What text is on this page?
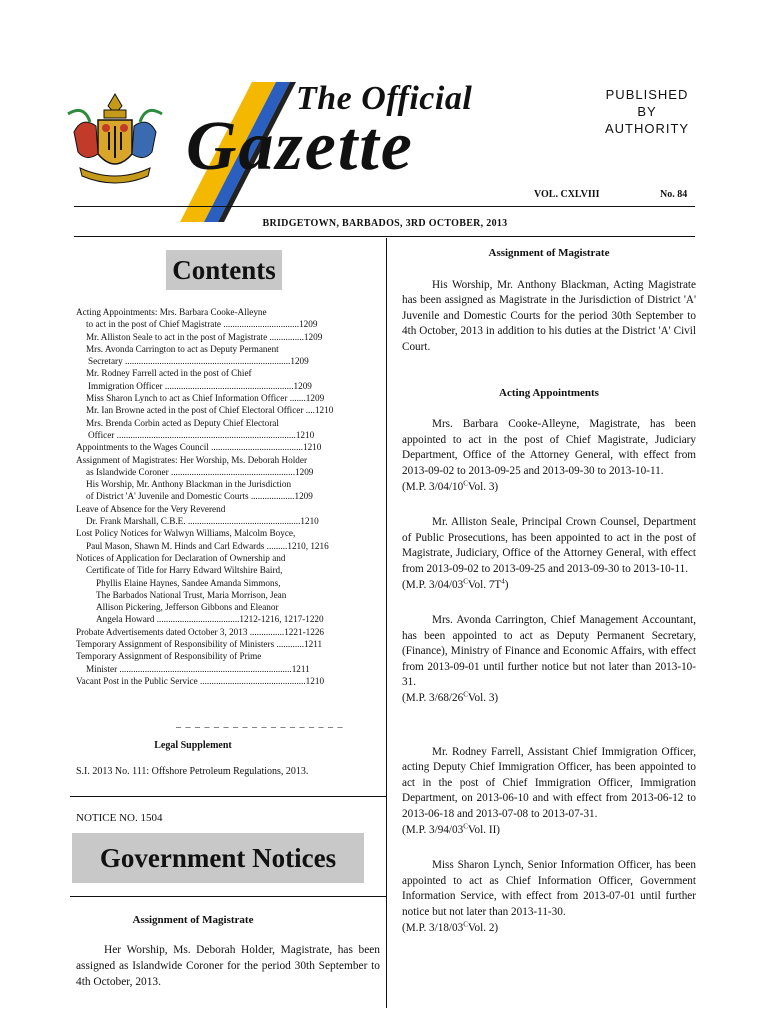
The Official
Gazette
PUBLISHED
BY
AUTHORITY
VOL. CXLVIII	No. 84
BRIDGETOWN, BARBADOS, 3RD OCTOBER, 2013
Contents
Acting Appointments: Mrs. Barbara Cooke-Alleyne
to act in the post of Chief Magistrate .................................1209
Mr. Alliston Seale to act in the post of Magistrate ...............1209
Mrs. Avonda Carrington to act as Deputy Permanent
Secretary ........................................................................1209
Mr. Rodney Farrell acted in the post of Chief
Immigration Officer ........................................................1209
Miss Sharon Lynch to act as Chief Information Officer .......1209
Mr. Ian Browne acted in the post of Chief Electoral Officer ....1210
Mrs. Brenda Corbin acted as Deputy Chief Electoral
Officer ..............................................................................1210
Appointments to the Wages Council ........................................1210
Assignment of Magistrates: Her Worship, Ms. Deborah Holder
as Islandwide Coroner ......................................................1209
His Worship, Mr. Anthony Blackman in the Jurisdiction
of District 'A' Juvenile and Domestic Courts ...................1209
Leave of Absence for the Very Reverend
Dr. Frank Marshall, C.B.E. .................................................1210
Lost Policy Notices for Walwyn Williams, Malcolm Boyce,
Paul Mason, Shawn M. Hinds and Carl Edwards .........1210, 1216
Notices of Application for Declaration of Ownership and
Certificate of Title for Harry Edward Wiltshire Baird,
Phyllis Elaine Haynes, Sandee Amanda Simmons,
The Barbados National Trust, Maria Morrison, Jean
Allison Pickering, Jefferson Gibbons and Eleanor
Angela Howard ....................................1212-1216, 1217-1220
Probate Advertisements dated October 3, 2013 ...............1221-1226
Temporary Assignment of Responsibility of Ministers ............1211
Temporary Assignment of Responsibility of Prime
Minister ...........................................................................1211
Vacant Post in the Public Service ..............................................1210
– – – – – – – – – – – – – – – – – –
Legal Supplement
S.I. 2013 No. 111: Offshore Petroleum Regulations, 2013.
NOTICE NO. 1504
Government Notices
Assignment of Magistrate
Her Worship, Ms. Deborah Holder, Magistrate, has been assigned as Islandwide Coroner for the period 30th September to 4th October, 2013.
Assignment of Magistrate

His Worship, Mr. Anthony Blackman, Acting Magistrate has been assigned as Magistrate in the Jurisdiction of District 'A' Juvenile and Domestic Courts for the period 30th September to 4th October, 2013 in addition to his duties at the District 'A' Civil Court.

Acting Appointments

Mrs. Barbara Cooke-Alleyne, Magistrate, has been appointed to act in the post of Chief Magistrate, Judiciary Department, Office of the Attorney General, with effect from 2013-09-02 to 2013-09-25 and 2013-09-30 to 2013-10-11.

(M.P. $3/04/10^CVol$. 3)

Mr. Alliston Seale, Principal Crown Counsel, Department of Public Prosecutions, has been appointed to act in the post of Magistrate, Judiciary, Office of the Attorney General, with effect from 2013-09-02 to 2013-09-25 and 2013-09-30 to 2013-10-11.

(M.P. $3/04/03^CVol$. $7T^4$)

Mrs. Avonda Carrington, Chief Management Accountant, has been appointed to act as Deputy Permanent Secretary, (Finance), Ministry of Finance and Economic Affairs, with effect from 2013-09-01 until further notice but not later than 2013-10-31.

(M.P. $3/68/26^CVol$. 3)

Mr. Rodney Farrell, Assistant Chief Immigration Officer, acting Deputy Chief Immigration Officer, has been appointed to act in the post of Chief Immigration Officer, Immigration Department, on 2013-06-10 and with effect from 2013-06-12 to 2013-06-18 and 2013-07-08 to 2013-07-31.

(M.P. $3/94/03^CVol$. II)

Miss Sharon Lynch, Senior Information Officer, has been appointed to act as Chief Information Officer, Government Information Service, with effect from 2013-07-01 until further notice but not later than 2013-11-30.

(M.P. $3/18/03^CVol$. 2)
